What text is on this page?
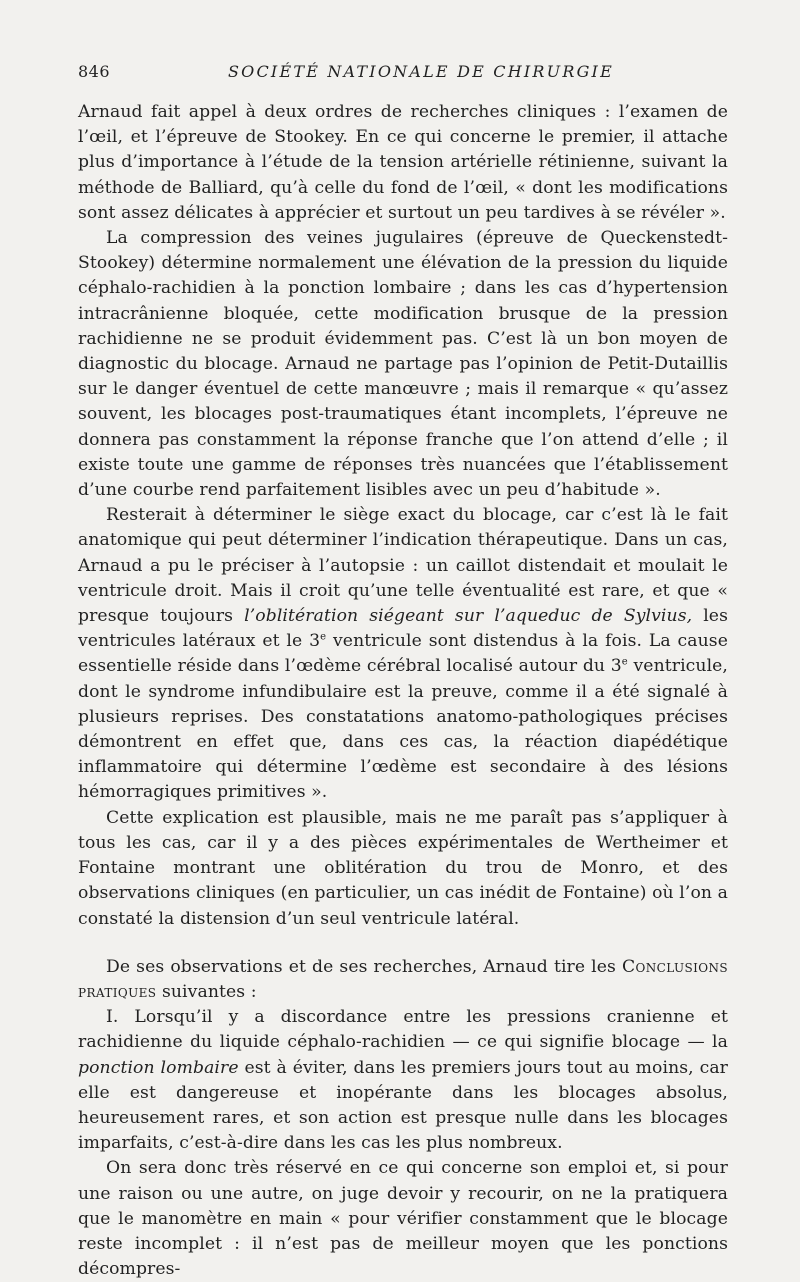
846	SOCIÉTÉ NATIONALE DE CHIRURGIE

Arnaud fait appel à deux ordres de recherches cliniques : l’examen de l’œil, et l’épreuve de Stookey. En ce qui concerne le premier, il attache plus d’importance à l’étude de la tension artérielle rétinienne, suivant la méthode de Balliard, qu’à celle du fond de l’œil, « dont les modifications sont assez délicates à apprécier et surtout un peu tardives à se révéler ».

La compression des veines jugulaires (épreuve de Queckenstedt-Stookey) détermine normalement une élévation de la pression du liquide céphalo-rachidien à la ponction lombaire ; dans les cas d’hypertension intracrânienne bloquée, cette modification brusque de la pression rachidienne ne se produit évidemment pas. C’est là un bon moyen de diagnostic du blocage. Arnaud ne partage pas l’opinion de Petit-Dutaillis sur le danger éventuel de cette manœuvre ; mais il remarque « qu’assez souvent, les blocages post-traumatiques étant incomplets, l’épreuve ne donnera pas constamment la réponse franche que l’on attend d’elle ; il existe toute une gamme de réponses très nuancées que l’établissement d’une courbe rend parfaitement lisibles avec un peu d’habitude ».

Resterait à déterminer le siège exact du blocage, car c’est là le fait anatomique qui peut déterminer l’indication thérapeutique. Dans un cas, Arnaud a pu le préciser à l’autopsie : un caillot distendait et moulait le ventricule droit. Mais il croit qu’une telle éventualité est rare, et que « presque toujours l’oblitération siégeant sur l’aqueduc de Sylvius, les ventricules latéraux et le 3e ventricule sont distendus à la fois. La cause essentielle réside dans l’œdème cérébral localisé autour du 3e ventricule, dont le syndrome infundibulaire est la preuve, comme il a été signalé à plusieurs reprises. Des constatations anatomo-pathologiques précises démontrent en effet que, dans ces cas, la réaction diapédétique inflammatoire qui détermine l’œdème est secondaire à des lésions hémorragiques primitives ».

Cette explication est plausible, mais ne me paraît pas s’appliquer à tous les cas, car il y a des pièces expérimentales de Wertheimer et Fontaine montrant une oblitération du trou de Monro, et des observations cliniques (en particulier, un cas inédit de Fontaine) où l’on a constaté la distension d’un seul ventricule latéral.

De ses observations et de ses recherches, Arnaud tire les Conclusions pratiques suivantes :

I. Lorsqu’il y a discordance entre les pressions cranienne et rachidienne du liquide céphalo-rachidien — ce qui signifie blocage — la ponction lombaire est à éviter, dans les premiers jours tout au moins, car elle est dangereuse et inopérante dans les blocages absolus, heureusement rares, et son action est presque nulle dans les blocages imparfaits, c’est-à-dire dans les cas les plus nombreux.

On sera donc très réservé en ce qui concerne son emploi et, si pour une raison ou une autre, on juge devoir y recourir, on ne la pratiquera que le manomètre en main « pour vérifier constamment que le blocage reste incomplet : il n’est pas de meilleur moyen que les ponctions décompres-
